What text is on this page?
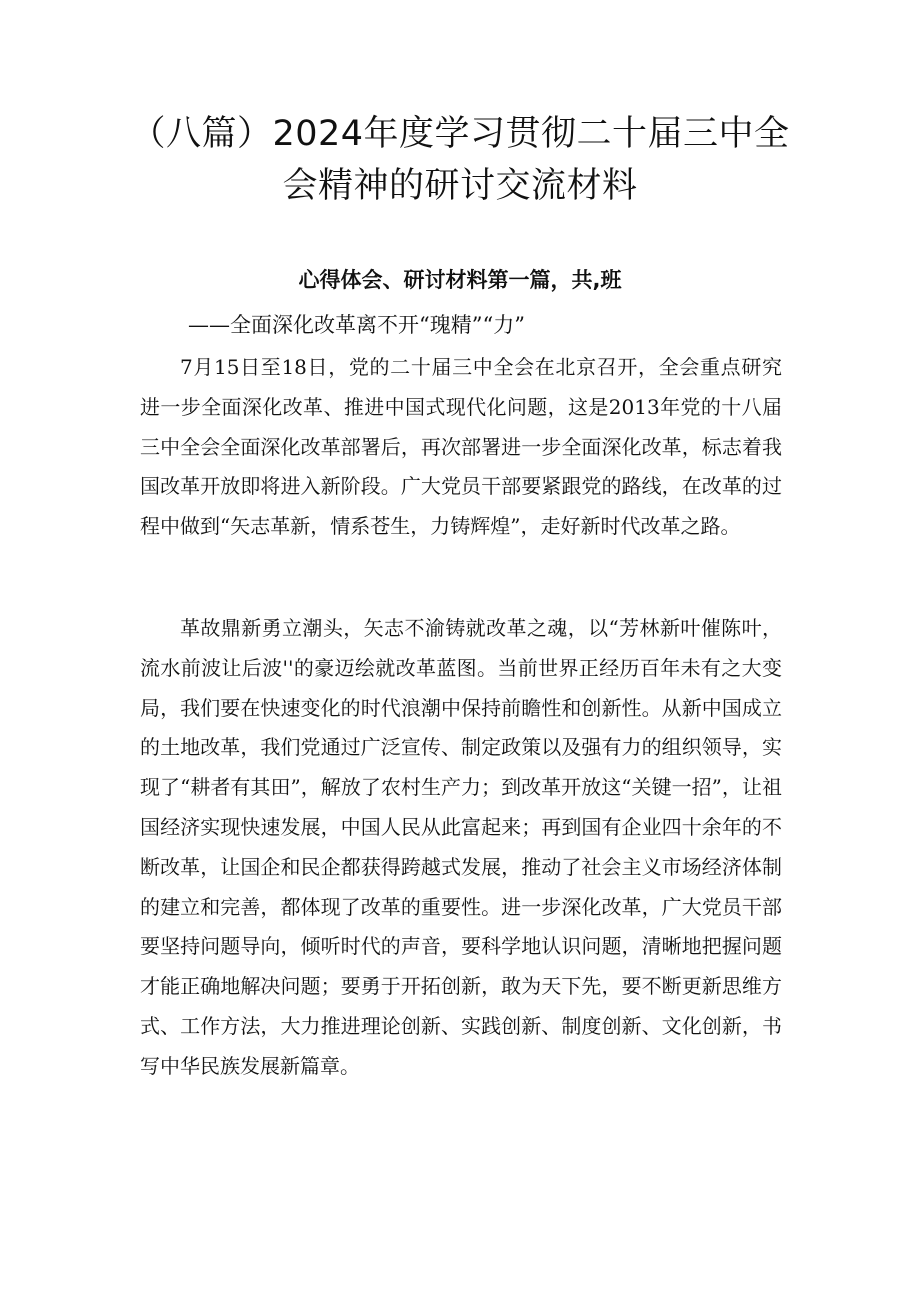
（八篇）2024年度学习贯彻二十届三中全会精神的研讨交流材料
心得体会、研讨材料第一篇，共,班

——全面深化改革离不开“瑰精”“力”

7月15日至18日，党的二十届三中全会在北京召开，全会重点研究进一步全面深化改革、推进中国式现代化问题，这是2013年党的十八届三中全会全面深化改革部署后，再次部署进一步全面深化改革，标志着我国改革开放即将进入新阶段。广大党员干部要紧跟党的路线，在改革的过程中做到“矢志革新，情系苍生，力铸辉煌”，走好新时代改革之路。

革故鼎新勇立潮头，矢志不渝铸就改革之魂，以“芳林新叶催陈叶，流水前波让后波''的豪迈绘就改革蓝图。当前世界正经历百年未有之大变局，我们要在快速变化的时代浪潮中保持前瞻性和创新性。从新中国成立的土地改革，我们党通过广泛宣传、制定政策以及强有力的组织领导，实现了“耕者有其田”，解放了农村生产力；到改革开放这“关键一招”，让祖国经济实现快速发展，中国人民从此富起来；再到国有企业四十余年的不断改革，让国企和民企都获得跨越式发展，推动了社会主义市场经济体制的建立和完善，都体现了改革的重要性。进一步深化改革，广大党员干部要坚持问题导向，倾听时代的声音，要科学地认识问题，清晰地把握问题才能正确地解决问题；要勇于开拓创新，敢为天下先，要不断更新思维方式、工作方法，大力推进理论创新、实践创新、制度创新、文化创新，书写中华民族发展新篇章。
